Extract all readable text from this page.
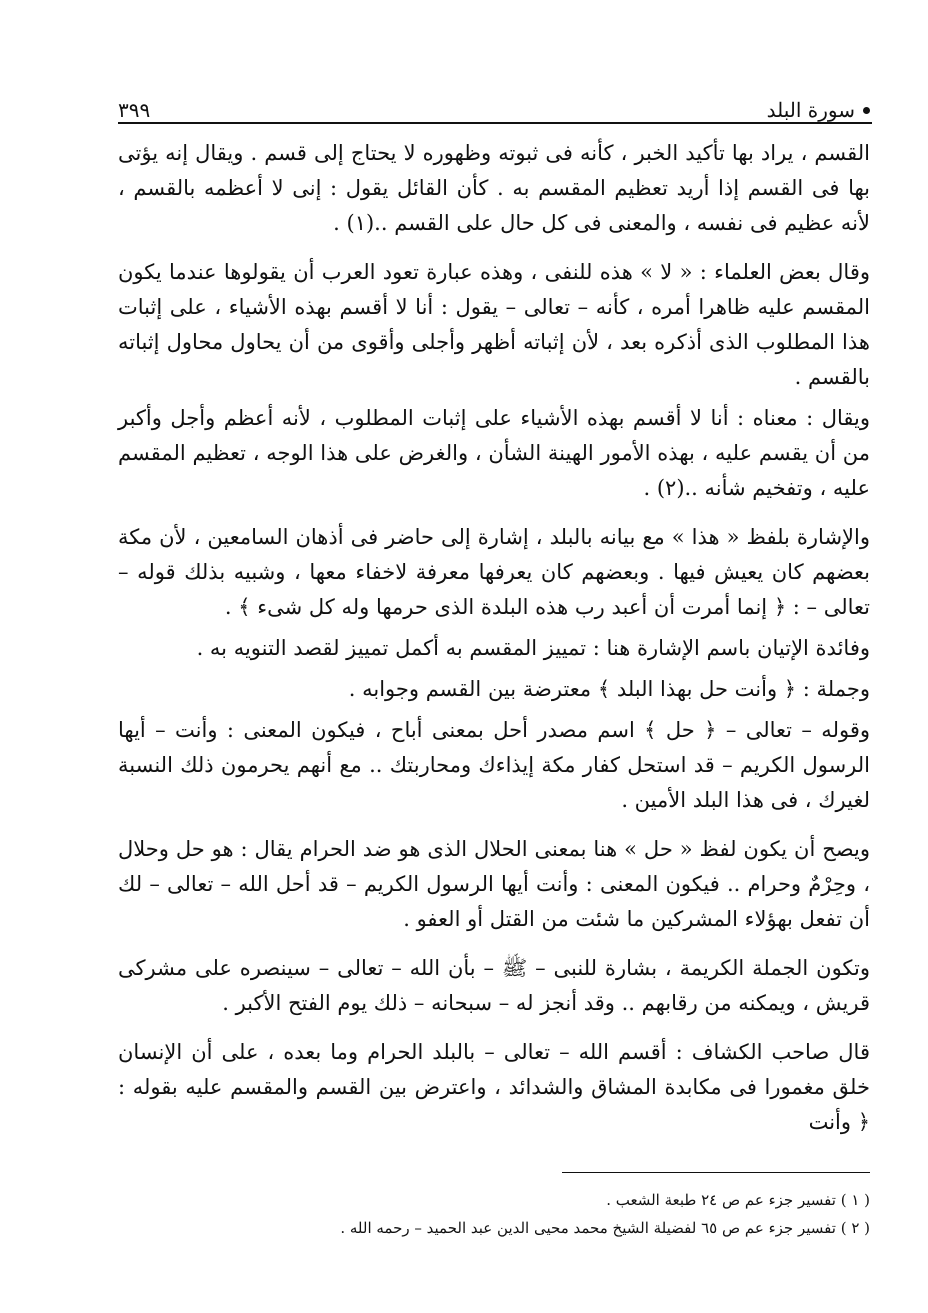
سورة البلد
٣٩٩

القسم ، يراد بها تأكيد الخبر ، كأنه فى ثبوته وظهوره لا يحتاج إلى قسم . ويقال إنه يؤتى بها فى القسم إذا أريد تعظيم المقسم به . كأن القائل يقول : إنى لا أعظمه بالقسم ، لأنه عظيم فى نفسه ، والمعنى فى كل حال على القسم ..(١) .

وقال بعض العلماء : « لا » هذه للنفى ، وهذه عبارة تعود العرب أن يقولوها عندما يكون المقسم عليه ظاهرا أمره ، كأنه – تعالى – يقول : أنا لا أقسم بهذه الأشياء ، على إثبات هذا المطلوب الذى أذكره بعد ، لأن إثباته أظهر وأجلى وأقوى من أن يحاول محاول إثباته بالقسم .

ويقال : معناه : أنا لا أقسم بهذه الأشياء على إثبات المطلوب ، لأنه أعظم وأجل وأكبر من أن يقسم عليه ، بهذه الأمور الهينة الشأن ، والغرض على هذا الوجه ، تعظيم المقسم عليه ، وتفخيم شأنه ..(٢) .

والإشارة بلفظ « هذا » مع بيانه بالبلد ، إشارة إلى حاضر فى أذهان السامعين ، لأن مكة بعضهم كان يعيش فيها . وبعضهم كان يعرفها معرفة لاخفاء معها ، وشبيه بذلك قوله – تعالى – : ﴿ إنما أمرت أن أعبد رب هذه البلدة الذى حرمها وله كل شىء ﴾ .

وفائدة الإتيان باسم الإشارة هنا : تمييز المقسم به أكمل تمييز لقصد التنويه به .

وجملة : ﴿ وأنت حل بهذا البلد ﴾ معترضة بين القسم وجوابه .

وقوله – تعالى – ﴿ حل ﴾ اسم مصدر أحل بمعنى أباح ، فيكون المعنى : وأنت – أيها الرسول الكريم – قد استحل كفار مكة إيذاءك ومحاربتك .. مع أنهم يحرمون ذلك النسبة لغيرك ، فى هذا البلد الأمين .

ويصح أن يكون لفظ « حل » هنا بمعنى الحلال الذى هو ضد الحرام يقال : هو حل وحلال ، وحِرْمٌ وحرام .. فيكون المعنى : وأنت أيها الرسول الكريم – قد أحل الله – تعالى – لك أن تفعل بهؤلاء المشركين ما شئت من القتل أو العفو .

وتكون الجملة الكريمة ، بشارة للنبى – ﷺ – بأن الله – تعالى – سينصره على مشركى قريش ، ويمكنه من رقابهم .. وقد أنجز له – سبحانه – ذلك يوم الفتح الأكبر .

قال صاحب الكشاف : أقسم الله – تعالى – بالبلد الحرام وما بعده ، على أن الإنسان خلق مغمورا فى مكابدة المشاق والشدائد ، واعترض بين القسم والمقسم عليه بقوله : ﴿ وأنت

( ١ ) تفسير جزء عم ص ٢٤ طبعة الشعب .

( ٢ ) تفسير جزء عم ص ٦٥ لفضيلة الشيخ محمد محيى الدين عبد الحميد – رحمه الله .
